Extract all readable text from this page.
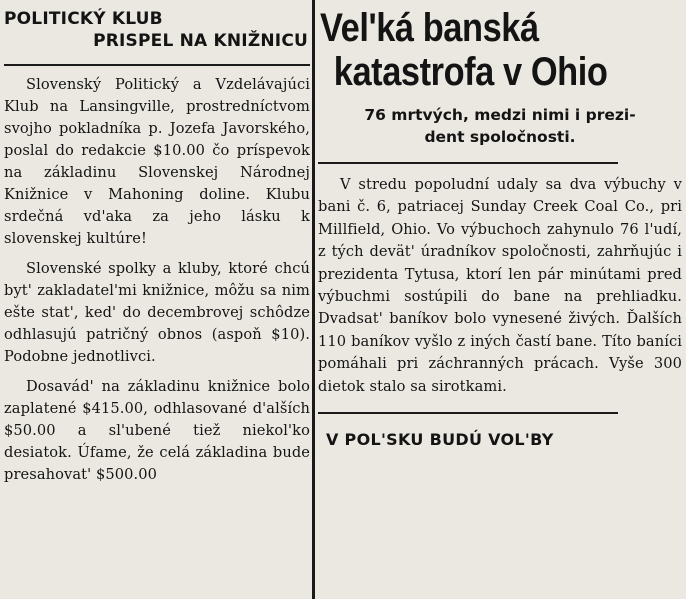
POLITICKÝ KLUB
PRISPEL NA KNIŽNICU

Slovenský Politický a Vzdelávajúci Klub na Lansingville, prostredníctvom svojho pokladníka p. Jozefa Javorského, poslal do redakcie $10.00 čo príspevok na základinu Slovenskej Národnej Knižnice v Mahoning doline. Klubu srdečná vd'aka za jeho lásku k slovenskej kultúre!

Slovenské spolky a kluby, ktoré chcú byt' zakladatel'mi knižnice, môžu sa nim ešte stat', ked' do decembrovej schôdze odhlasujú patričný obnos (aspoň $10). Podobne jednotlivci.

Dosavád' na základinu knižnice bolo zaplatené $415.00, odhlasované d'alších $50.00 a sl'ubené tiež niekol'ko desiatok. Úfame, že celá základina bude presahovat' $500.00

Vel'ká banská
katastrofa v Ohio
76 mrtvých, medzi nimi i prezi-
dent spoločnosti.

V stredu popoludní udaly sa dva výbuchy v bani č. 6, patriacej Sunday Creek Coal Co., pri Millfield, Ohio. Vo výbuchoch zahynulo 76 l'udí, z tých devät' úradníkov spoločnosti, zahrňujúc i prezidenta Tytusa, ktorí len pár minútami pred výbuchmi sostúpili do bane na prehliadku. Dvadsat' baníkov bolo vynesené živých. Ďalších 110 baníkov vyšlo z iných častí bane. Títo baníci pomáhali pri záchranných prácach. Vyše 300 dietok stalo sa sirotkami.

V POL'SKU BUDÚ VOL'BY
